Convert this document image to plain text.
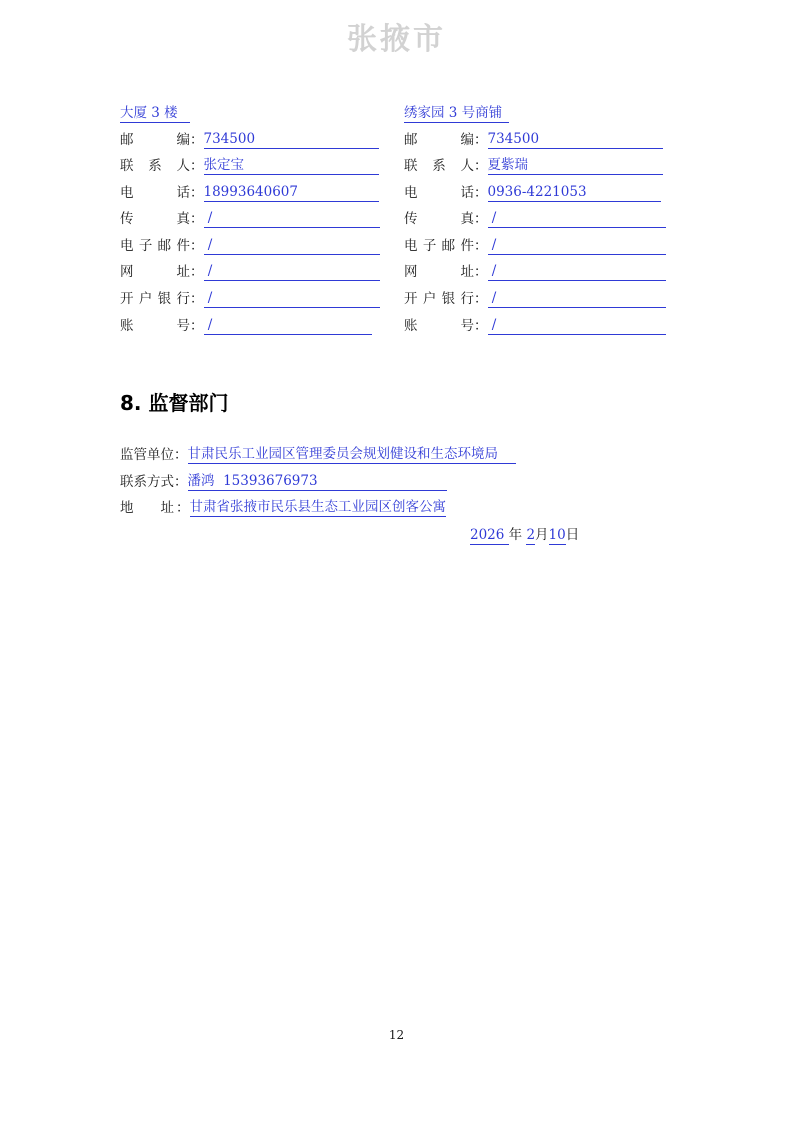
张掖市
大厦 3 楼
邮　编：734500
联 系 人：张定宝
电　话：18993640607
传　真： /
电子邮件： /
网　址： /
开户银行： /
账　号： /
绣家园 3 号商铺
邮　编：734500
联 系 人：夏紫瑞
电　话：0936-4221053
传　真： /
电子邮件： /
网　址： /
开户银行： /
账　号： /
8. 监督部门
监管单位：甘肃民乐工业园区管理委员会规划健设和生态环境局
联系方式：潘鸿  15393676973
地　　址 ：甘肃省张掖市民乐县生态工业园区创客公寓
2026 年 2月10日
12
